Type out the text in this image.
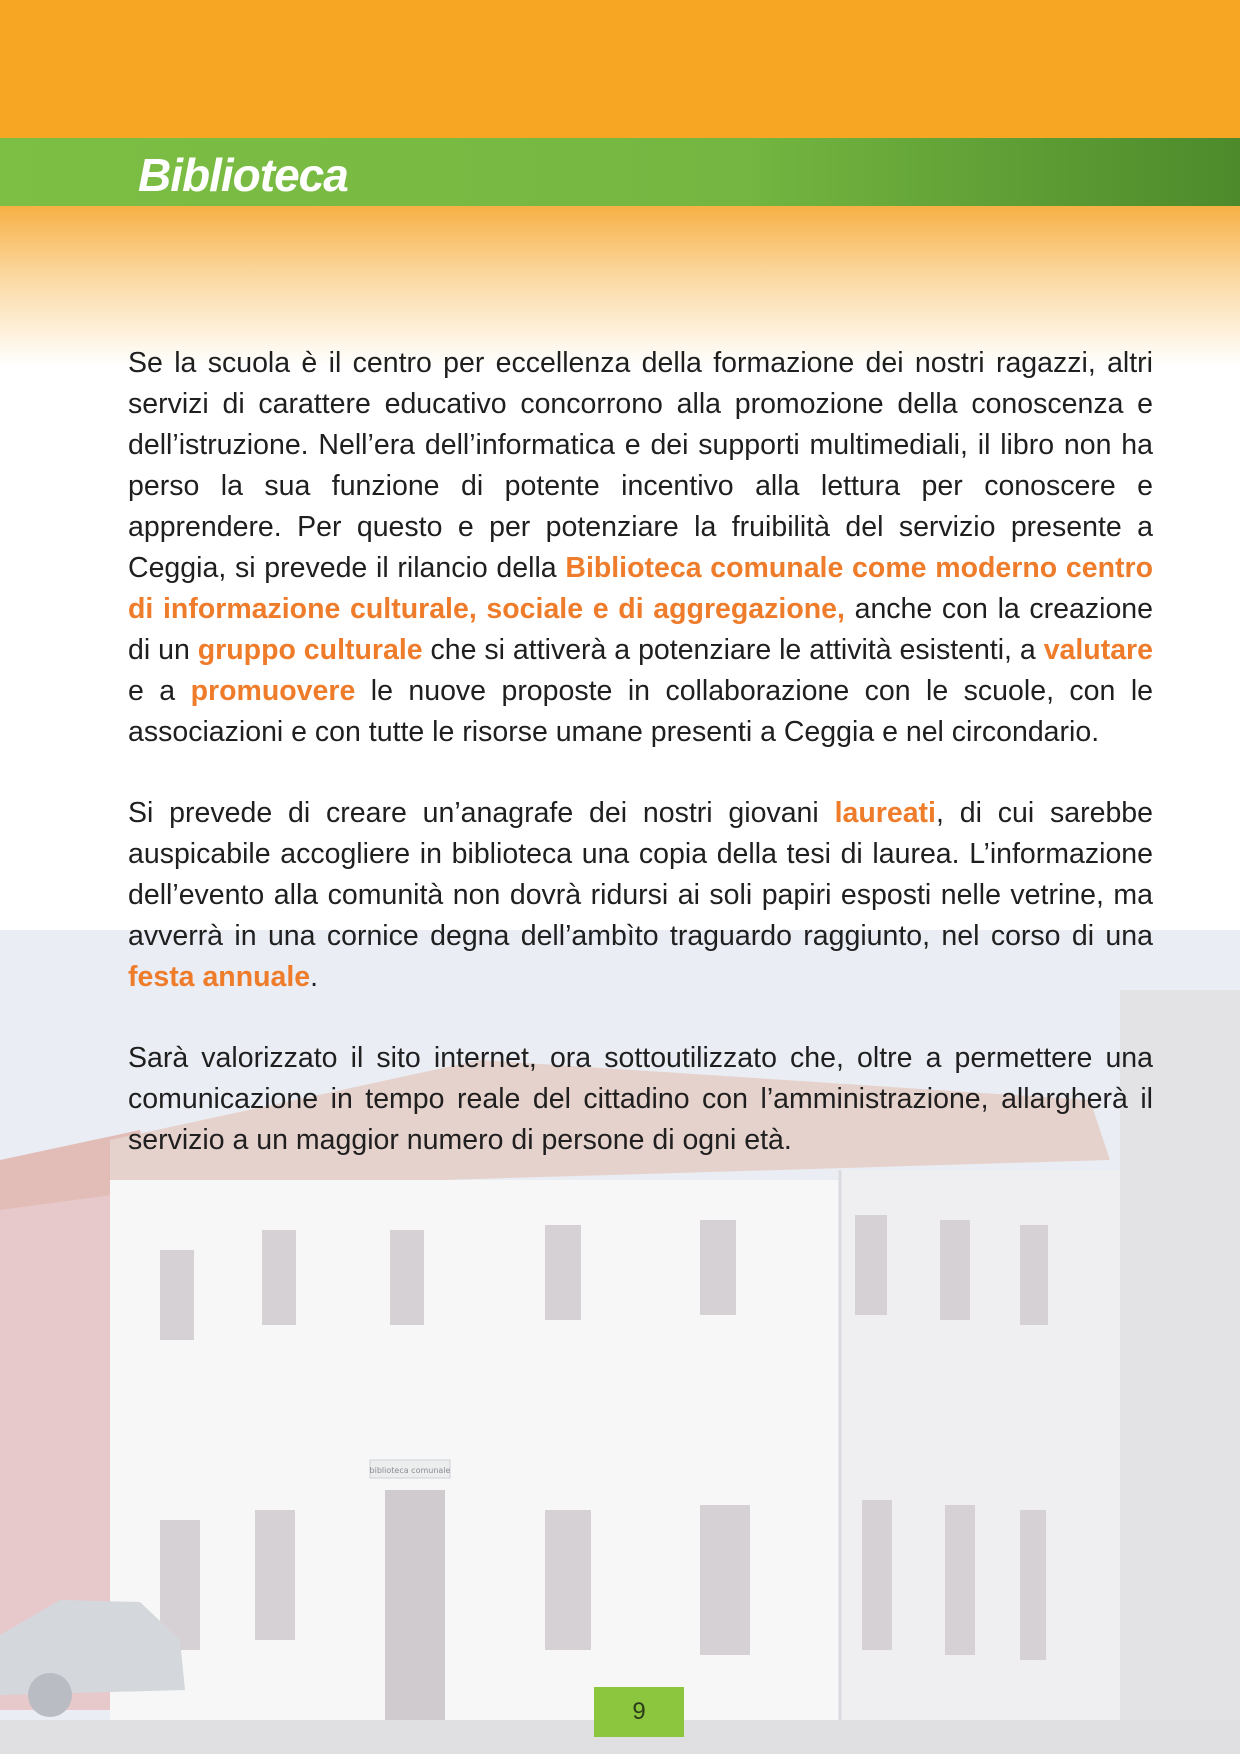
Biblioteca
biblioteca comunale

Se la scuola è il centro per eccellenza della formazione dei nostri ragazzi, altri servizi di carattere educativo concorrono alla promozione della conoscenza e dell’istruzione. Nell’era dell’informatica e dei supporti multimediali, il libro non ha perso la sua funzione di potente incentivo alla lettura per conoscere e apprendere. Per questo e per potenziare la fruibilità del servizio presente a Ceggia, si prevede il rilancio della Biblioteca comunale come moderno centro di informazione culturale, sociale e di aggregazione, anche con la creazione di un gruppo culturale che si attiverà a potenziare le attività esistenti, a valutare e a promuovere le nuove proposte in collaborazione con le scuole, con le associazioni e con tutte le risorse umane presenti a Ceggia e nel circondario.

Si prevede di creare un’anagrafe dei nostri giovani laureati, di cui sarebbe auspicabile accogliere in biblioteca una copia della tesi di laurea. L’informazione dell’evento alla comunità non dovrà ridursi ai soli papiri esposti nelle vetrine, ma avverrà in una cornice degna dell’ambìto traguardo raggiunto, nel corso di una festa annuale.

Sarà valorizzato il sito internet, ora sottoutilizzato che, oltre a permettere una comunicazione in tempo reale del cittadino con l’amministrazione, allargherà il servizio a un maggior numero di persone di ogni età.

9
